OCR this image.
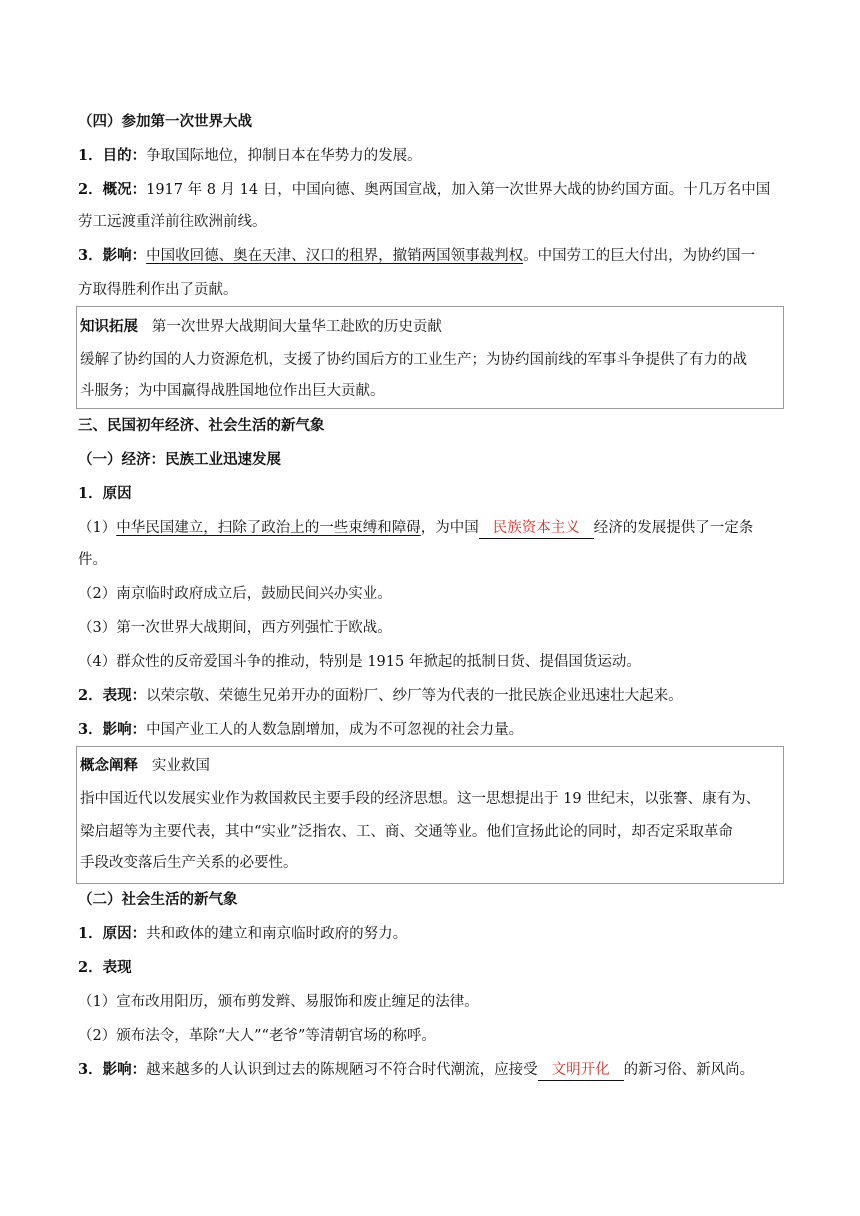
（四）参加第一次世界大战
1．目的：争取国际地位，抑制日本在华势力的发展。
2．概况：1917 年 8 月 14 日，中国向德、奥两国宣战，加入第一次世界大战的协约国方面。十几万名中国
劳工远渡重洋前往欧洲前线。
3．影响：中国收回德、奥在天津、汉口的租界，撤销两国领事裁判权。中国劳工的巨大付出，为协约国一
方取得胜利作出了贡献。
知识拓展 第一次世界大战期间大量华工赴欧的历史贡献
缓解了协约国的人力资源危机，支援了协约国后方的工业生产；为协约国前线的军事斗争提供了有力的战
斗服务；为中国赢得战胜国地位作出巨大贡献。
三、民国初年经济、社会生活的新气象
（一）经济：民族工业迅速发展
1．原因
（1）中华民国建立，扫除了政治上的一些束缚和障碍，为中国 民族资本主义 经济的发展提供了一定条
件。
（2）南京临时政府成立后，鼓励民间兴办实业。
（3）第一次世界大战期间，西方列强忙于欧战。
（4）群众性的反帝爱国斗争的推动，特别是 1915 年掀起的抵制日货、提倡国货运动。
2．表现：以荣宗敬、荣德生兄弟开办的面粉厂、纱厂等为代表的一批民族企业迅速壮大起来。
3．影响：中国产业工人的人数急剧增加，成为不可忽视的社会力量。
概念阐释 实业救国
指中国近代以发展实业作为救国救民主要手段的经济思想。这一思想提出于 19 世纪末，以张謇、康有为、
梁启超等为主要代表，其中“实业”泛指农、工、商、交通等业。他们宣扬此论的同时，却否定采取革命
手段改变落后生产关系的必要性。
（二）社会生活的新气象
1．原因：共和政体的建立和南京临时政府的努力。
2．表现
（1）宣布改用阳历，颁布剪发辫、易服饰和废止缠足的法律。
（2）颁布法令，革除“大人”“老爷”等清朝官场的称呼。
3．影响：越来越多的人认识到过去的陈规陋习不符合时代潮流，应接受 文明开化 的新习俗、新风尚。
